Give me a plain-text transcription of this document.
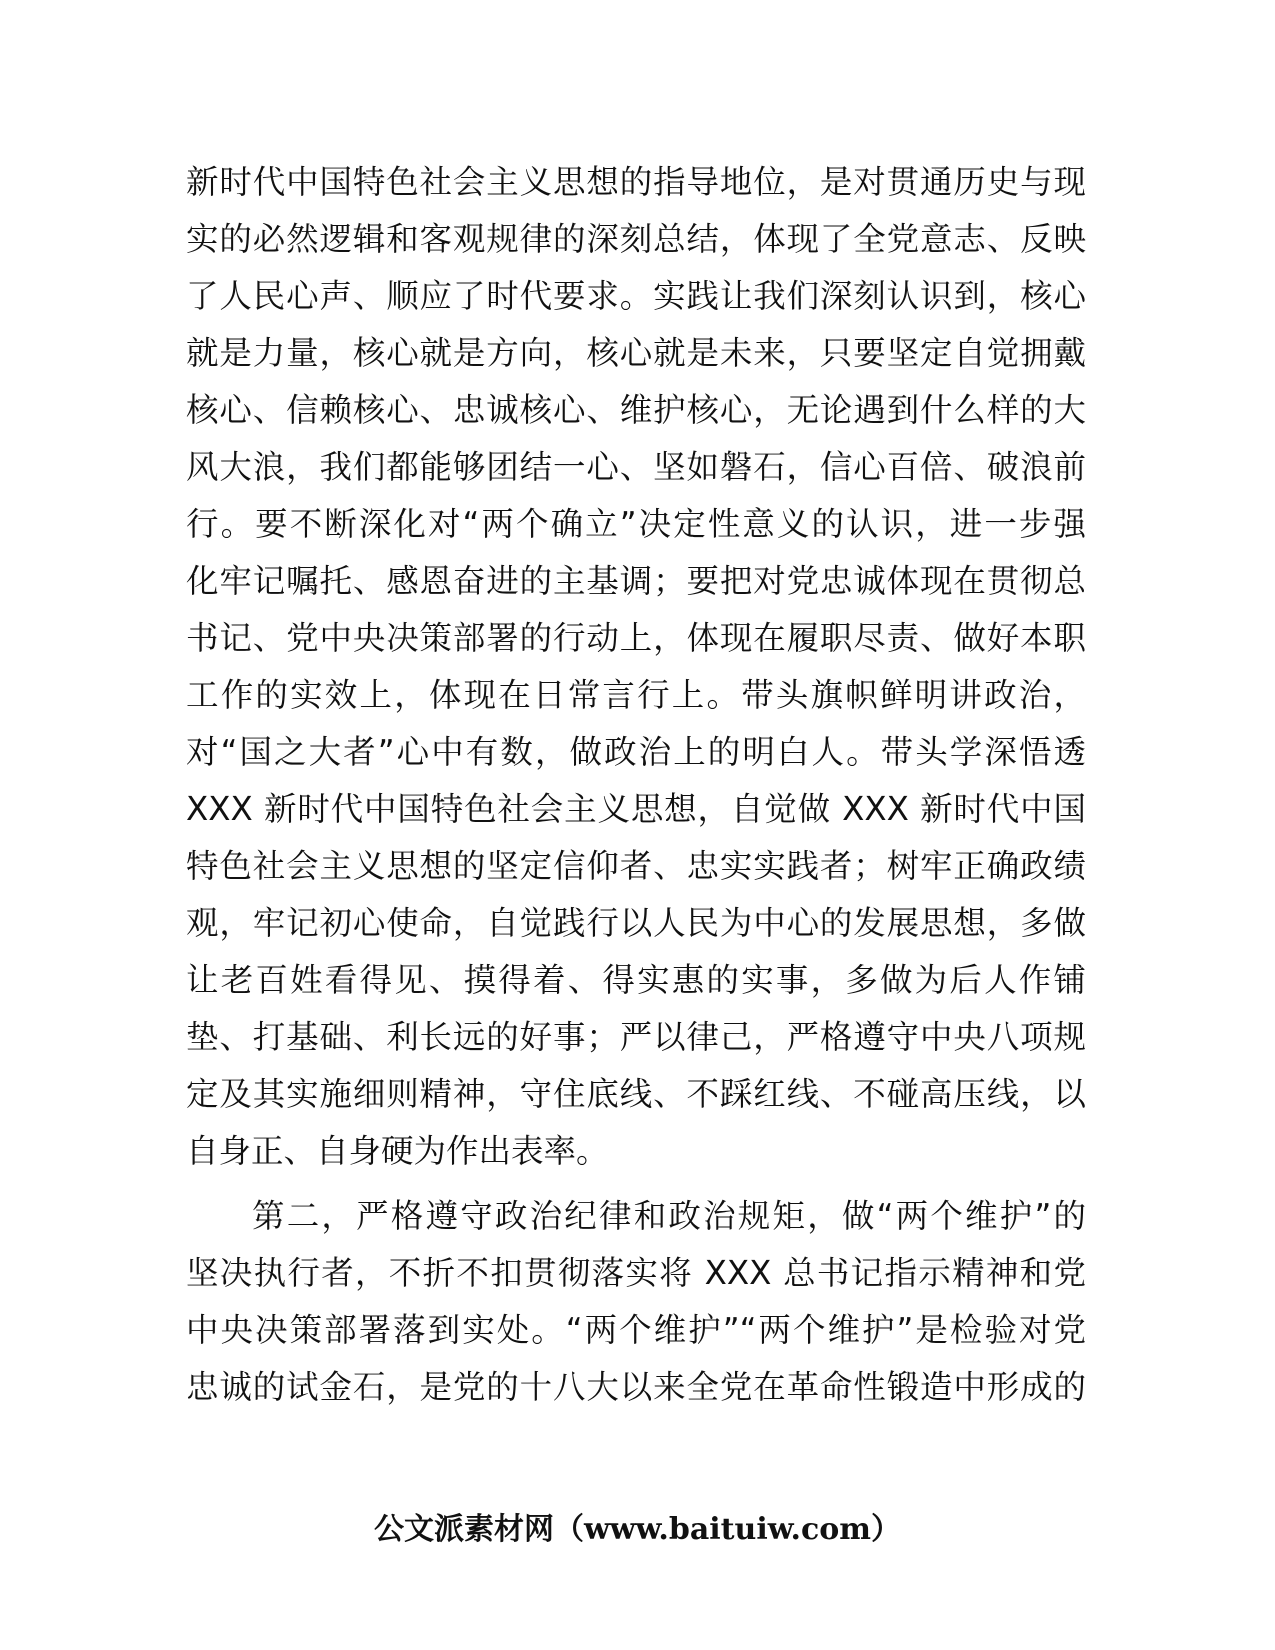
新时代中国特色社会主义思想的指导地位，是对贯通历史与现
实的必然逻辑和客观规律的深刻总结，体现了全党意志、反映
了人民心声、顺应了时代要求。实践让我们深刻认识到，核心
就是力量，核心就是方向，核心就是未来，只要坚定自觉拥戴
核心、信赖核心、忠诚核心、维护核心，无论遇到什么样的大
风大浪，我们都能够团结一心、坚如磐石，信心百倍、破浪前
行。要不断深化对“两个确立”决定性意义的认识，进一步强
化牢记嘱托、感恩奋进的主基调；要把对党忠诚体现在贯彻总
书记、党中央决策部署的行动上，体现在履职尽责、做好本职
工作的实效上，体现在日常言行上。带头旗帜鲜明讲政治，
对“国之大者”心中有数，做政治上的明白人。带头学深悟透
XXX 新时代中国特色社会主义思想，自觉做 XXX 新时代中国
特色社会主义思想的坚定信仰者、忠实实践者；树牢正确政绩
观，牢记初心使命，自觉践行以人民为中心的发展思想，多做
让老百姓看得见、摸得着、得实惠的实事，多做为后人作铺
垫、打基础、利长远的好事；严以律己，严格遵守中央八项规
定及其实施细则精神，守住底线、不踩红线、不碰高压线，以
自身正、自身硬为作出表率。
第二，严格遵守政治纪律和政治规矩，做“两个维护”的
坚决执行者，不折不扣贯彻落实将 XXX 总书记指示精神和党
中央决策部署落到实处。“两个维护”“两个维护”是检验对党
忠诚的试金石，是党的十八大以来全党在革命性锻造中形成的
公文派素材网（www.baituiw.com）
